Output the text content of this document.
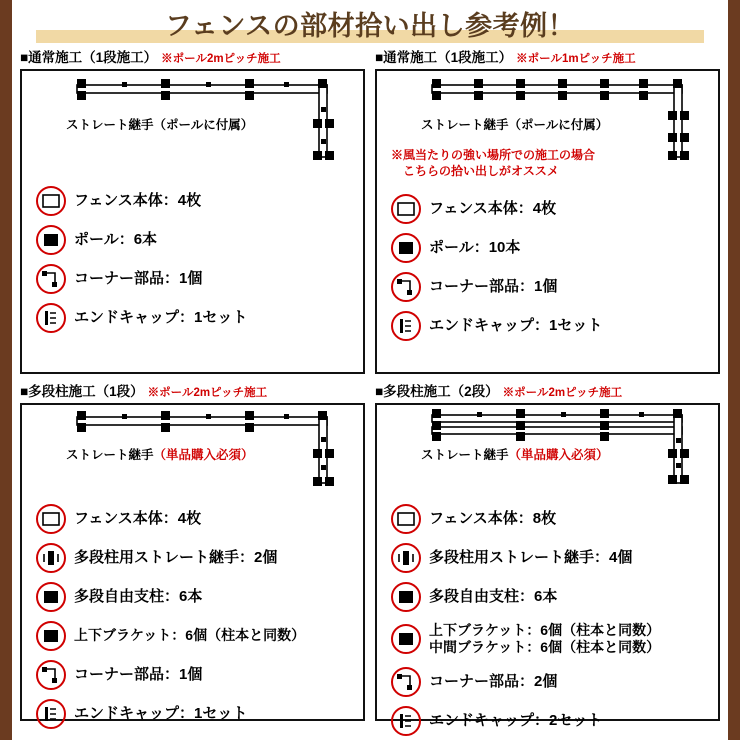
フェンスの部材拾い出し参考例！
■通常施工（1段施工） ※ポール2mピッチ施工
ストレート継手（ポールに付属）
フェンス本体：4枚
ポール：6本
コーナー部品：1個
エンドキャップ：1セット
■通常施工（1段施工） ※ポール1mピッチ施工
ストレート継手（ポールに付属）
※風当たりの強い場所での施工の場合
こちらの拾い出しがオススメ
フェンス本体：4枚
ポール：10本
コーナー部品：1個
エンドキャップ：1セット
■多段柱施工（1段） ※ポール2mピッチ施工
ストレート継手（単品購入必須）
フェンス本体：4枚
多段柱用ストレート継手：2個
多段自由支柱：6本
上下ブラケット：6個（柱本と同数）
コーナー部品：1個
エンドキャップ：1セット
■多段柱施工（2段） ※ポール2mピッチ施工
ストレート継手（単品購入必須）
フェンス本体：8枚
多段柱用ストレート継手：4個
多段自由支柱：6本
上下ブラケット：6個（柱本と同数）
中間ブラケット：6個（柱本と同数）
コーナー部品：2個
エンドキャップ：2セット
